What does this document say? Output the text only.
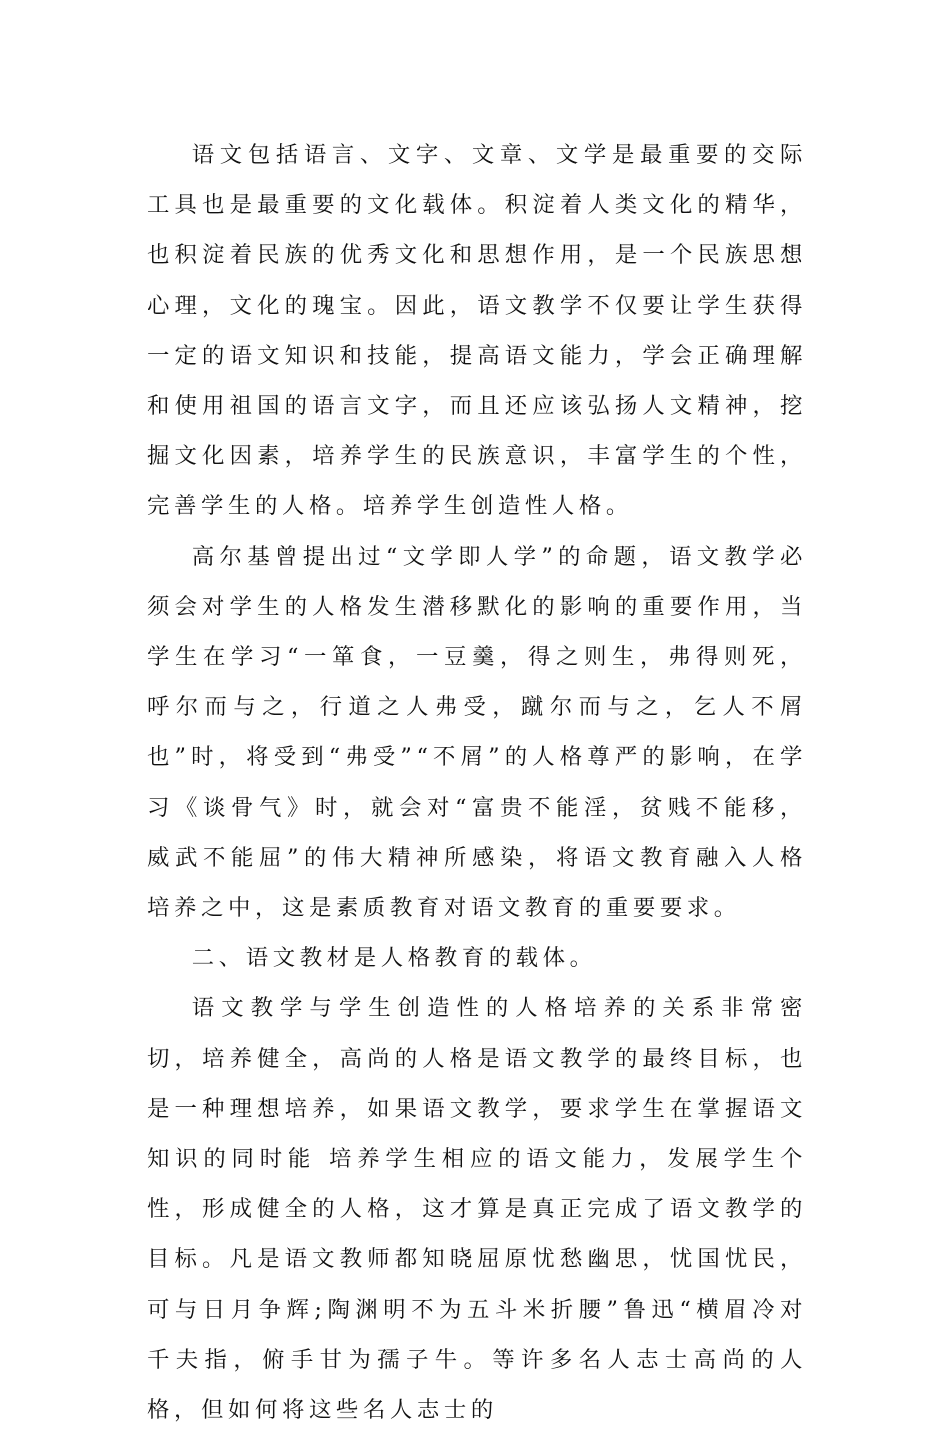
语文包括语言、文字、文章、文学是最重要的交际工具也是最重要的文化载体。积淀着人类文化的精华，也积淀着民族的优秀文化和思想作用，是一个民族思想心理，文化的瑰宝。因此，语文教学不仅要让学生获得一定的语文知识和技能，提高语文能力，学会正确理解和使用祖国的语言文字，而且还应该弘扬人文精神，挖掘文化因素，培养学生的民族意识，丰富学生的个性，完善学生的人格。培养学生创造性人格。

高尔基曾提出过“文学即人学”的命题，语文教学必须会对学生的人格发生潜移默化的影响的重要作用，当学生在学习“一箪食，一豆羹，得之则生，弗得则死，呼尔而与之，行道之人弗受，蹴尔而与之，乞人不屑也”时，将受到“弗受”“不屑”的人格尊严的影响，在学习《谈骨气》时，就会对“富贵不能淫，贫贱不能移，威武不能屈”的伟大精神所感染，将语文教育融入人格培养之中，这是素质教育对语文教育的重要要求。

二、语文教材是人格教育的载体。

语文教学与学生创造性的人格培养的关系非常密切，培养健全，高尚的人格是语文教学的最终目标，也是一种理想培养，如果语文教学，要求学生在掌握语文知识的同时能 培养学生相应的语文能力，发展学生个性，形成健全的人格，这才算是真正完成了语文教学的目标。凡是语文教师都知晓屈原忧愁幽思，忧国忧民，可与日月争辉;陶渊明不为五斗米折腰”鲁迅“横眉冷对千夫指，俯手甘为孺子牛。等许多名人志士高尚的人格，但如何将这些名人志士的
